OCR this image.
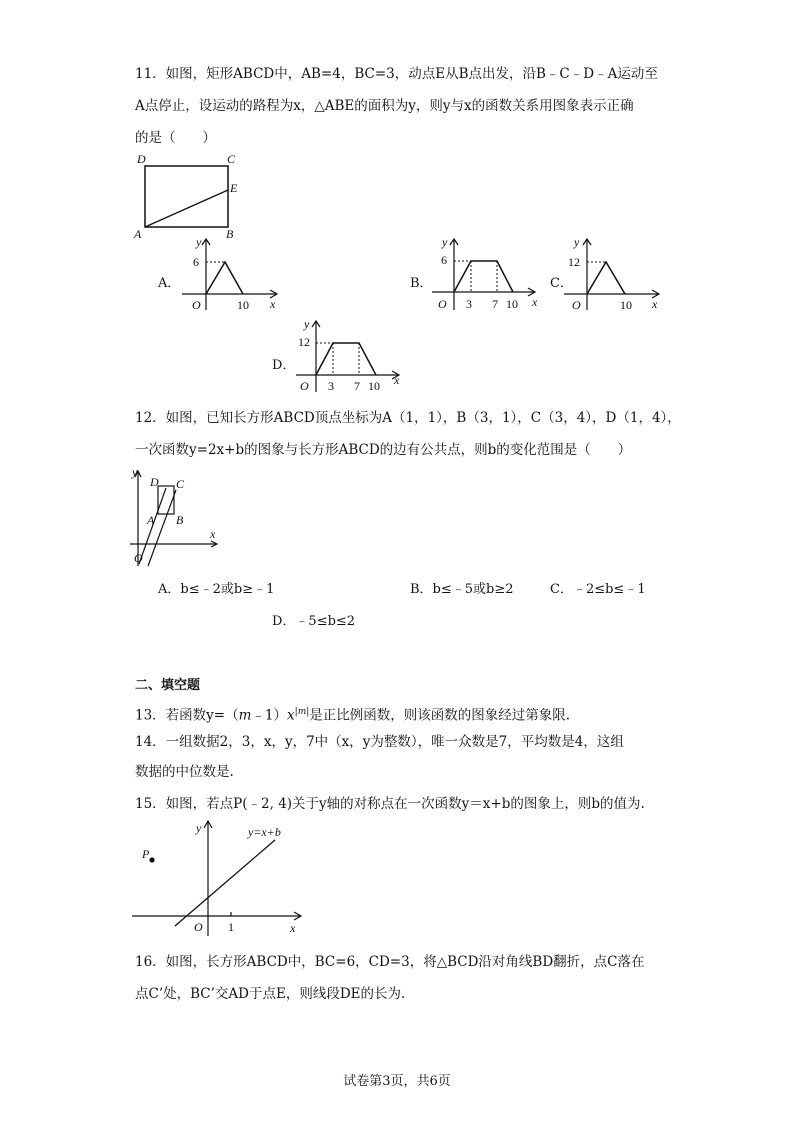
11．如图，矩形ABCD中，AB=4，BC=3，动点E从B点出发，沿B﹣C﹣D﹣A运动至
A点停止，设运动的路程为x，△ABE的面积为y，则y与x的函数关系用图象表示正确
的是（　　）
D	C
E
A	B
A．
y
6
O	10 x
B．
y
6
O 3 7 10 x
C．
y
12
O	10 x
D．
y
12
O 3 7 10 x
12．如图，已知长方形ABCD顶点坐标为A（1，1），B（3，1），C（3，4），D（1，4），
一次函数y=2x+b的图象与长方形ABCD的边有公共点，则b的变化范围是（　　）
y
x
O
D C
A B
A．b≤﹣2或b≥﹣1	B．b≤﹣5或b≥2	C．﹣2≤b≤﹣1
D．﹣5≤b≤2
二、填空题
13．若函数$y=(m﹣1)x^{|m|}$是正比例函数，则该函数的图象经过第象限.
14．一组数据2，3，x，y，7中（x，y为整数），唯一众数是7，平均数是4，这组
数据的中位数是.
15．如图，若点P(﹣2, 4)关于y轴的对称点在一次函数y＝x+b的图象上，则b的值为.
y
x
O 1
P
y=x+b
16．如图，长方形ABCD中，BC=6，CD=3，将△BCD沿对角线BD翻折，点C落在
点C’处，BC’交AD于点E，则线段DE的长为.
试卷第3页，共6页
